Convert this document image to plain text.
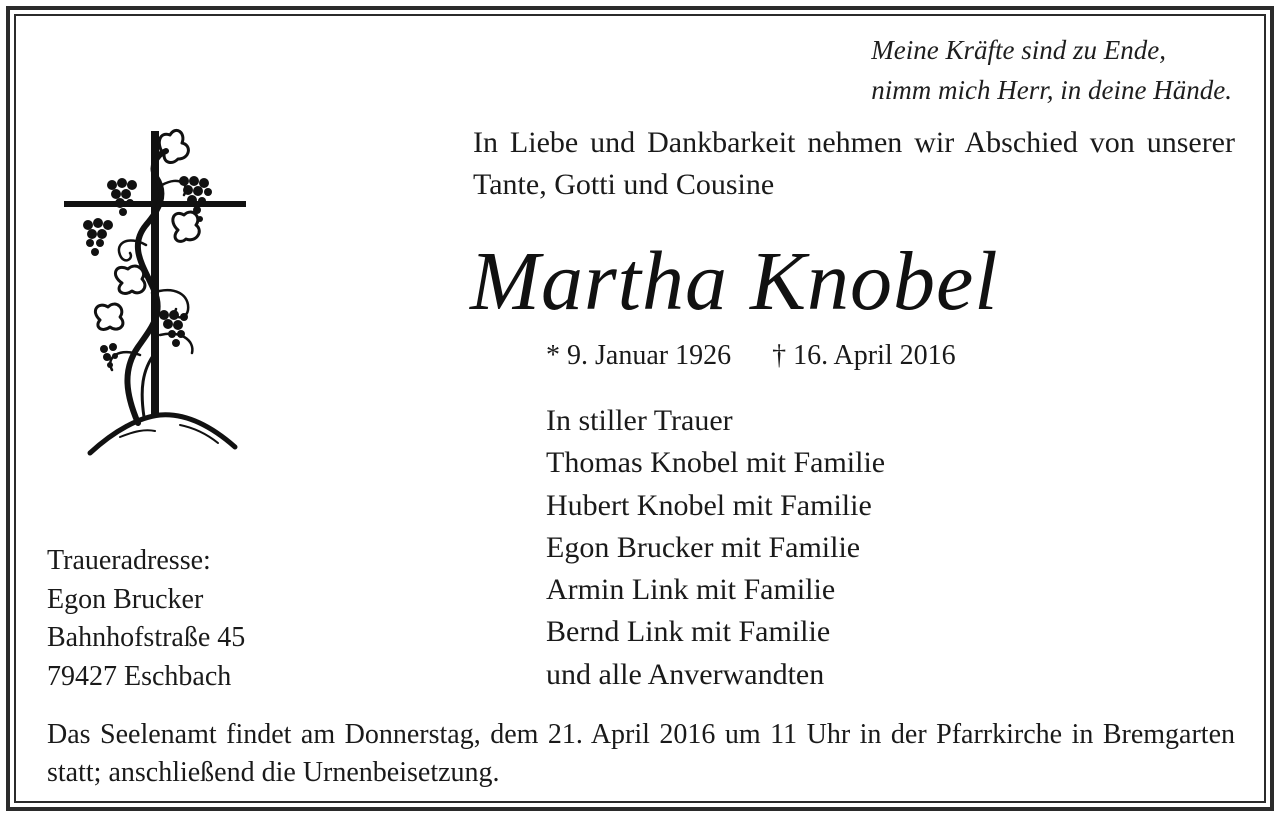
Meine Kräfte sind zu Ende,
nimm mich Herr, in deine Hände.
In Liebe und Dankbarkeit nehmen wir Abschied von unserer Tante, Gotti und Cousine
Martha Knobel
* 9. Januar 1926 † 16. April 2016
In stiller Trauer
Thomas Knobel mit Familie
Hubert Knobel mit Familie
Egon Brucker mit Familie
Armin Link mit Familie
Bernd Link mit Familie
und alle Anverwandten
Traueradresse:
Egon Brucker
Bahnhofstraße 45
79427 Eschbach
Das Seelenamt findet am Donnerstag, dem 21. April 2016 um 11 Uhr in der Pfarrkirche in Bremgarten statt; anschließend die Urnenbeisetzung.
